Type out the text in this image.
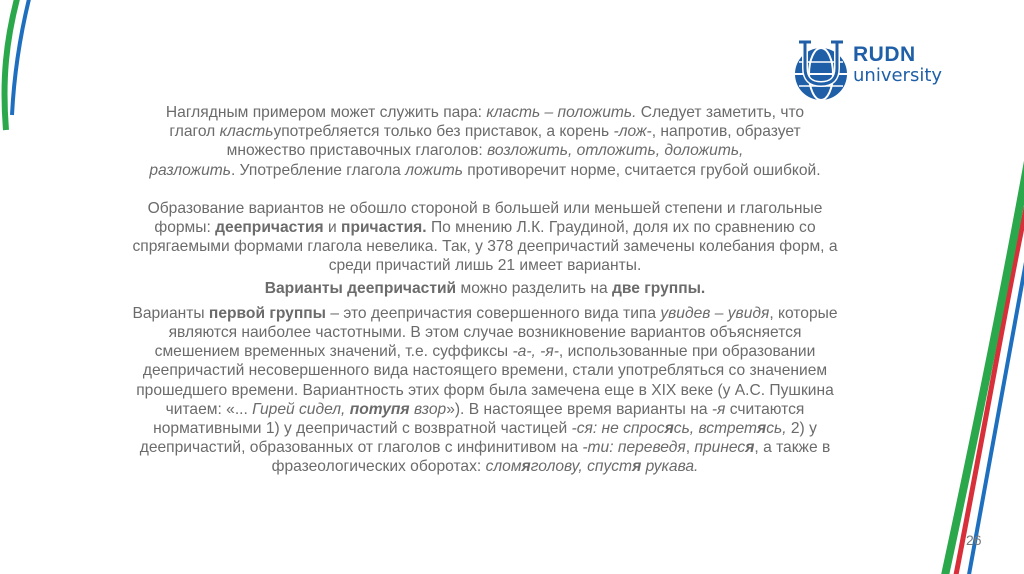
RUDN
university

Наглядным примером может служить пара: класть – положить. Следует заметить, что
глагол кластьупотребляется только без приставок, а корень -лож-, напротив, образует
множество приставочных глаголов: возложить, отложить, доложить,
разложить. Употребление глагола ложить противоречит норме, считается грубой ошибкой.

Образование вариантов не обошло стороной в большей или меньшей степени и глагольные
формы: деепричастия и причастия. По мнению Л.К. Граудиной, доля их по сравнению со
спрягаемыми формами глагола невелика. Так, у 378 деепричастий замечены колебания форм, а
среди причастий лишь 21 имеет варианты.

Варианты деепричастий можно разделить на две группы.

Варианты первой группы – это деепричастия совершенного вида типа увидев – увидя, которые
являются наиболее частотными. В этом случае возникновение вариантов объясняется
смешением временных значений, т.е. суффиксы -а-, -я-, использованные при образовании
деепричастий несовершенного вида настоящего времени, стали употребляться со значением
прошедшего времени. Вариантность этих форм была замечена еще в XIX веке (у А.С. Пушкина
читаем: «... Гирей сидел, потупя взор»). В настоящее время варианты на -я считаются
нормативными 1) у деепричастий с возвратной частицей -ся: не спросясь, встретясь, 2) у
деепричастий, образованных от глаголов с инфинитивом на -ти: переведя, принеся, а также в
фразеологических оборотах: сломяголову, спустя рукава.

26
